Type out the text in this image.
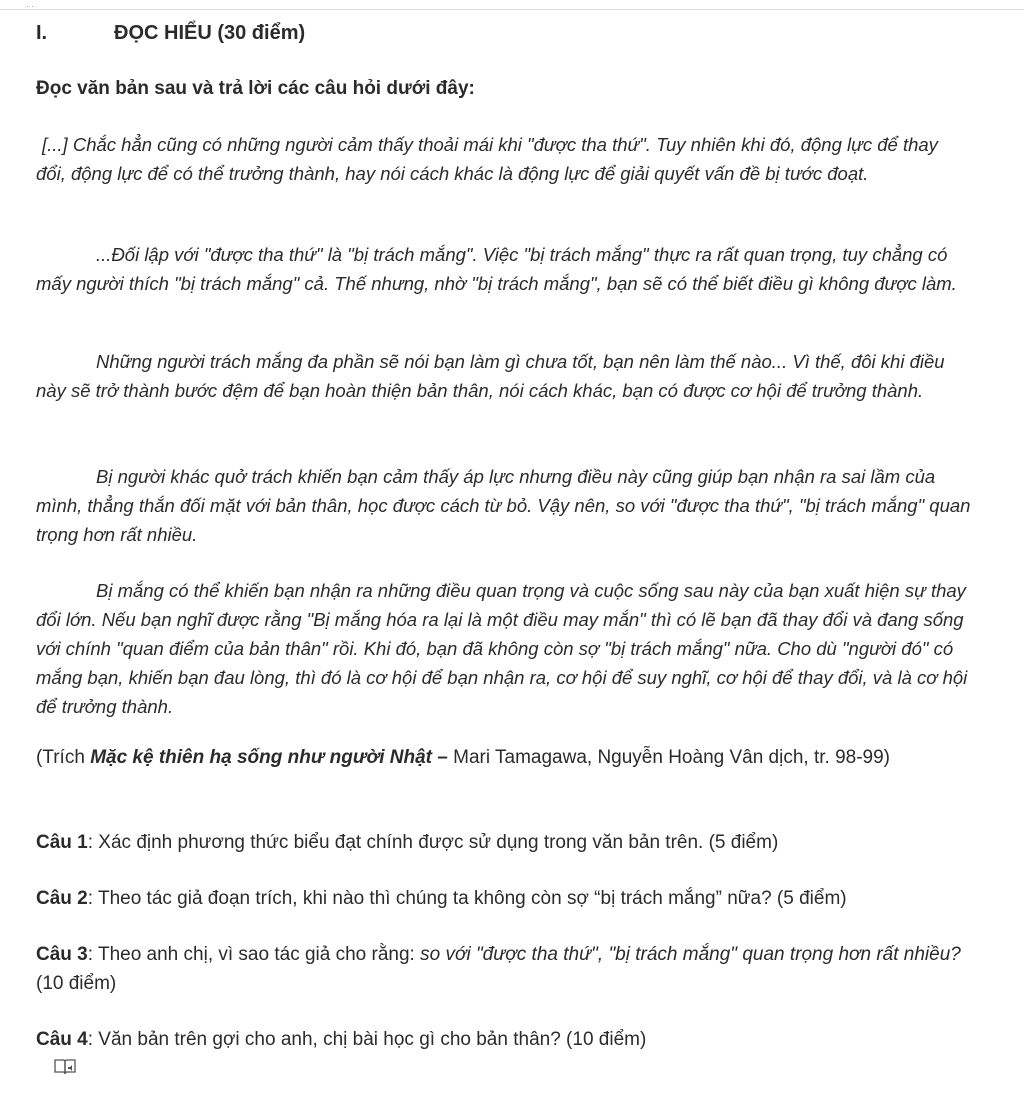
··
I.	ĐỌC HIỂU (30 điểm)
Đọc văn bản sau và trả lời các câu hỏi dưới đây:

[...] Chắc hẳn cũng có những người cảm thấy thoải mái khi "được tha thứ". Tuy nhiên khi đó, động lực để thay đổi, động lực để có thể trưởng thành, hay nói cách khác là động lực để giải quyết vấn đề bị tước đoạt.

...Đối lập với "được tha thứ" là "bị trách mắng". Việc "bị trách mắng" thực ra rất quan trọng, tuy chẳng có mấy người thích "bị trách mắng" cả. Thế nhưng, nhờ "bị trách mắng", bạn sẽ có thể biết điều gì không được làm.

Những người trách mắng đa phần sẽ nói bạn làm gì chưa tốt, bạn nên làm thế nào... Vì thế, đôi khi điều này sẽ trở thành bước đệm để bạn hoàn thiện bản thân, nói cách khác, bạn có được cơ hội để trưởng thành.

Bị người khác quở trách khiến bạn cảm thấy áp lực nhưng điều này cũng giúp bạn nhận ra sai lầm của mình, thẳng thắn đối mặt với bản thân, học được cách từ bỏ. Vậy nên, so với "được tha thứ", "bị trách mắng" quan trọng hơn rất nhiều.

Bị mắng có thể khiến bạn nhận ra những điều quan trọng và cuộc sống sau này của bạn xuất hiện sự thay đổi lớn. Nếu bạn nghĩ được rằng "Bị mắng hóa ra lại là một điều may mắn" thì có lẽ bạn đã thay đổi và đang sống với chính "quan điểm của bản thân" rồi. Khi đó, bạn đã không còn sợ "bị trách mắng" nữa. Cho dù "người đó" có mắng bạn, khiến bạn đau lòng, thì đó là cơ hội để bạn nhận ra, cơ hội để suy nghĩ, cơ hội để thay đổi, và là cơ hội để trưởng thành.

(Trích Mặc kệ thiên hạ sống như người Nhật – Mari Tamagawa, Nguyễn Hoàng Vân dịch, tr. 98-99)

Câu 1: Xác định phương thức biểu đạt chính được sử dụng trong văn bản trên. (5 điểm)

Câu 2: Theo tác giả đoạn trích, khi nào thì chúng ta không còn sợ “bị trách mắng” nữa? (5 điểm)

Câu 3: Theo anh chị, vì sao tác giả cho rằng: so với "được tha thứ", "bị trách mắng" quan trọng hơn rất nhiều? (10 điểm)

Câu 4: Văn bản trên gợi cho anh, chị bài học gì cho bản thân? (10 điểm)
